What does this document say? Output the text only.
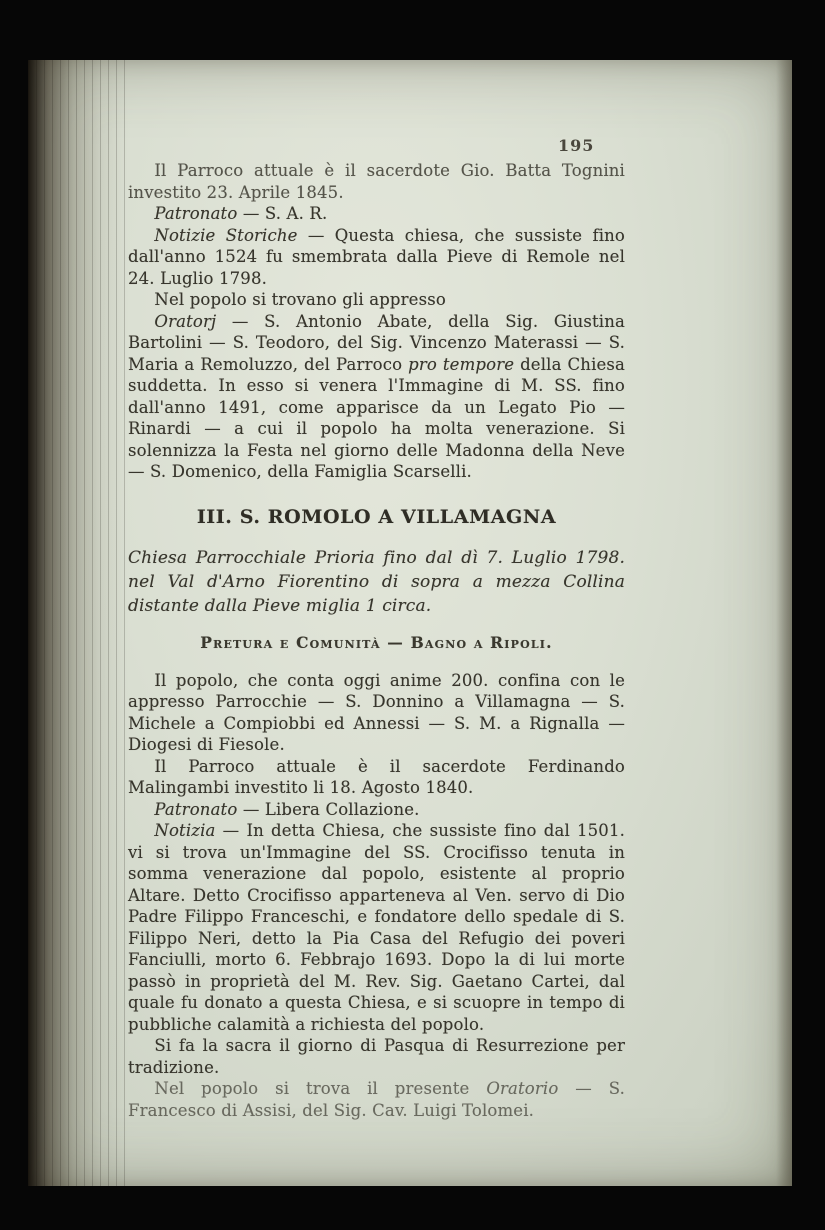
195

Il Parroco attuale è il sacerdote Gio. Batta Tognini investito 23. Aprile 1845.

Patronato — S. A. R.

Notizie Storiche — Questa chiesa, che sussiste fino dall'anno 1524 fu smembrata dalla Pieve di Remole nel 24. Luglio 1798.

Nel popolo si trovano gli appresso

Oratorj — S. Antonio Abate, della Sig. Giustina Bartolini — S. Teodoro, del Sig. Vincenzo Materassi — S. Maria a Remoluzzo, del Parroco pro tempore della Chiesa suddetta. In esso si venera l'Immagine di M. SS. fino dall'anno 1491, come apparisce da un Legato Pio — Rinardi — a cui il popolo ha molta venerazione. Si solennizza la Festa nel giorno delle Madonna della Neve — S. Domenico, della Famiglia Scarselli.

III. S. ROMOLO A VILLAMAGNA

Chiesa Parrocchiale Prioria fino dal dì 7. Luglio 1798. nel Val d'Arno Fiorentino di sopra a mezza Collina distante dalla Pieve miglia 1 circa.

Pretura e Comunità — Bagno a Ripoli.

Il popolo, che conta oggi anime 200. confina con le appresso Parrocchie — S. Donnino a Villamagna — S. Michele a Compiobbi ed Annessi — S. M. a Rignalla — Diogesi di Fiesole.

Il Parroco attuale è il sacerdote Ferdinando Malingambi investito li 18. Agosto 1840.

Patronato — Libera Collazione.

Notizia — In detta Chiesa, che sussiste fino dal 1501. vi si trova un'Immagine del SS. Crocifisso tenuta in somma venerazione dal popolo, esistente al proprio Altare. Detto Crocifisso apparteneva al Ven. servo di Dio Padre Filippo Franceschi, e fondatore dello spedale di S. Filippo Neri, detto la Pia Casa del Refugio dei poveri Fanciulli, morto 6. Febbrajo 1693. Dopo la di lui morte passò in proprietà del M. Rev. Sig. Gaetano Cartei, dal quale fu donato a questa Chiesa, e si scuopre in tempo di pubbliche calamità a richiesta del popolo.

Si fa la sacra il giorno di Pasqua di Resurrezione per tradizione.

Nel popolo si trova il presente Oratorio — S. Francesco di Assisi, del Sig. Cav. Luigi Tolomei.
